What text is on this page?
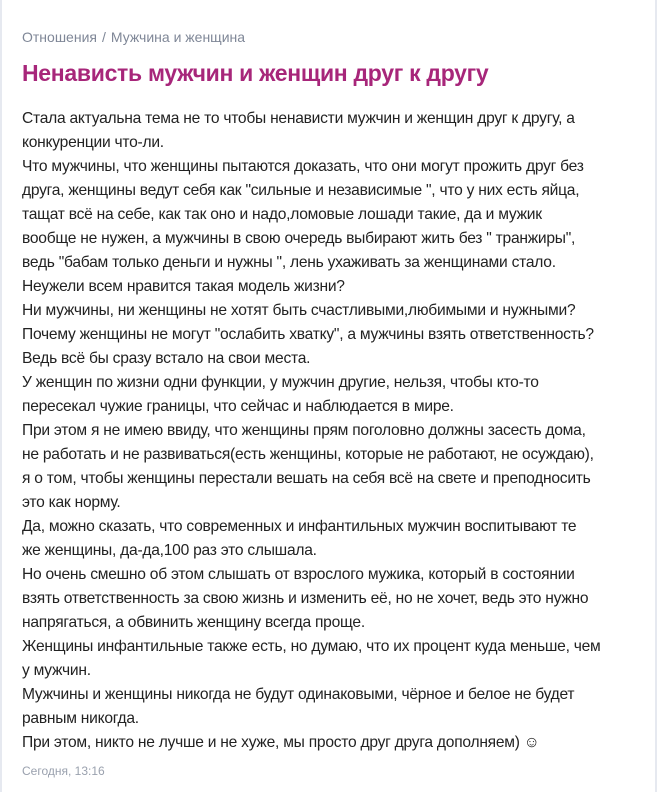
Отношения / Мужчина и женщина
Ненависть мужчин и женщин друг к другу
Стала актуальна тема не то чтобы ненависти мужчин и женщин друг к другу, а
конкуренции что-ли.
Что мужчины, что женщины пытаются доказать, что они могут прожить друг без
друга, женщины ведут себя как "сильные и независимые ", что у них есть яйца,
тащат всё на себе, как так оно и надо,ломовые лошади такие, да и мужик
вообще не нужен, а мужчины в свою очередь выбирают жить без " транжиры",
ведь "бабам только деньги и нужны ", лень ухаживать за женщинами стало.
Неужели всем нравится такая модель жизни?
Ни мужчины, ни женщины не хотят быть счастливыми,любимыми и нужными?
Почему женщины не могут "ослабить хватку", а мужчины взять ответственность?
Ведь всё бы сразу встало на свои места.
У женщин по жизни одни функции, у мужчин другие, нельзя, чтобы кто-то
пересекал чужие границы, что сейчас и наблюдается в мире.
При этом я не имею ввиду, что женщины прям поголовно должны засесть дома,
не работать и не развиваться(есть женщины, которые не работают, не осуждаю),
я о том, чтобы женщины перестали вешать на себя всё на свете и преподносить
это как норму.
Да, можно сказать, что современных и инфантильных мужчин воспитывают те
же женщины, да-да,100 раз это слышала.
Но очень смешно об этом слышать от взрослого мужика, который в состоянии
взять ответственность за свою жизнь и изменить её, но не хочет, ведь это нужно
напрягаться, а обвинить женщину всегда проще.
Женщины инфантильные также есть, но думаю, что их процент куда меньше, чем
у мужчин.
Мужчины и женщины никогда не будут одинаковыми, чёрное и белое не будет
равным никогда.
При этом, никто не лучше и не хуже, мы просто друг друга дополняем) ☺
Сегодня, 13:16
